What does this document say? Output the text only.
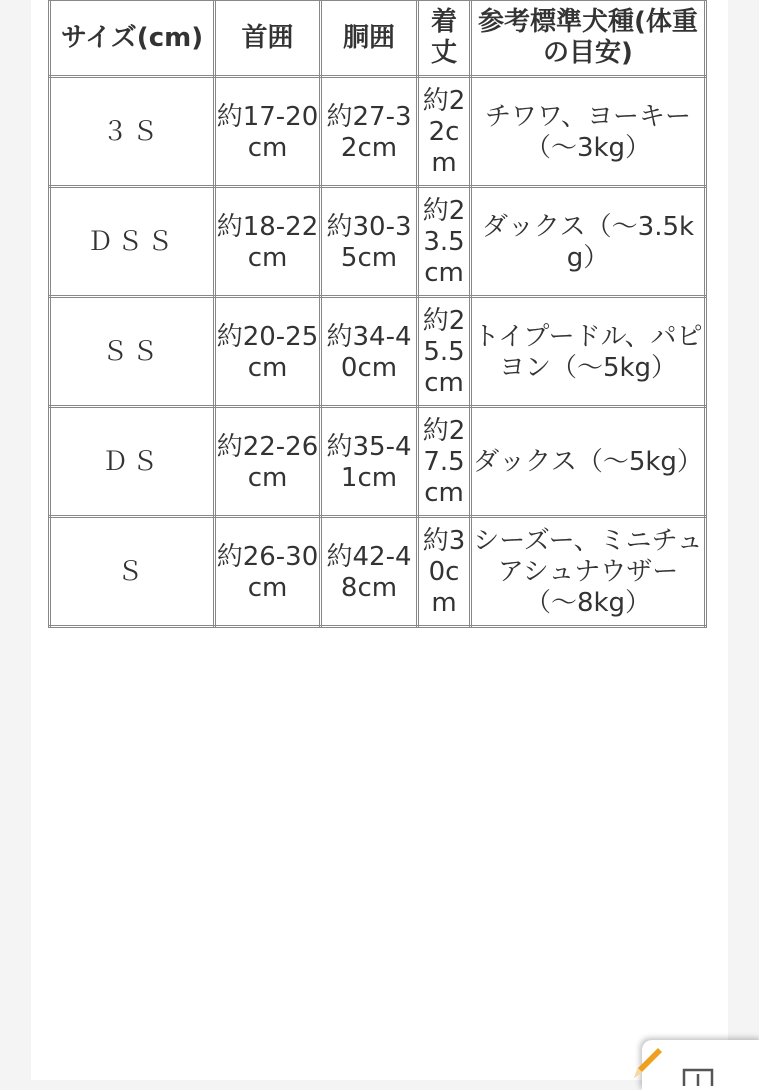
サイズ(cm)	首囲	胴囲	着丈	参考標準犬種(体重の目安)
３Ｓ	約17-20cm	約27-32cm	約22cm	チワワ、ヨーキー（～3kg）
ＤＳＳ	約18-22cm	約30-35cm	約23.5cm	ダックス（～3.5kg）
ＳＳ	約20-25cm	約34-40cm	約25.5cm	トイプードル、パピヨン（～5kg）
ＤＳ	約22-26cm	約35-41cm	約27.5cm	ダックス（～5kg）
Ｓ	約26-30cm	約42-48cm	約30cm	シーズー、ミニチュアシュナウザー（～8kg）
